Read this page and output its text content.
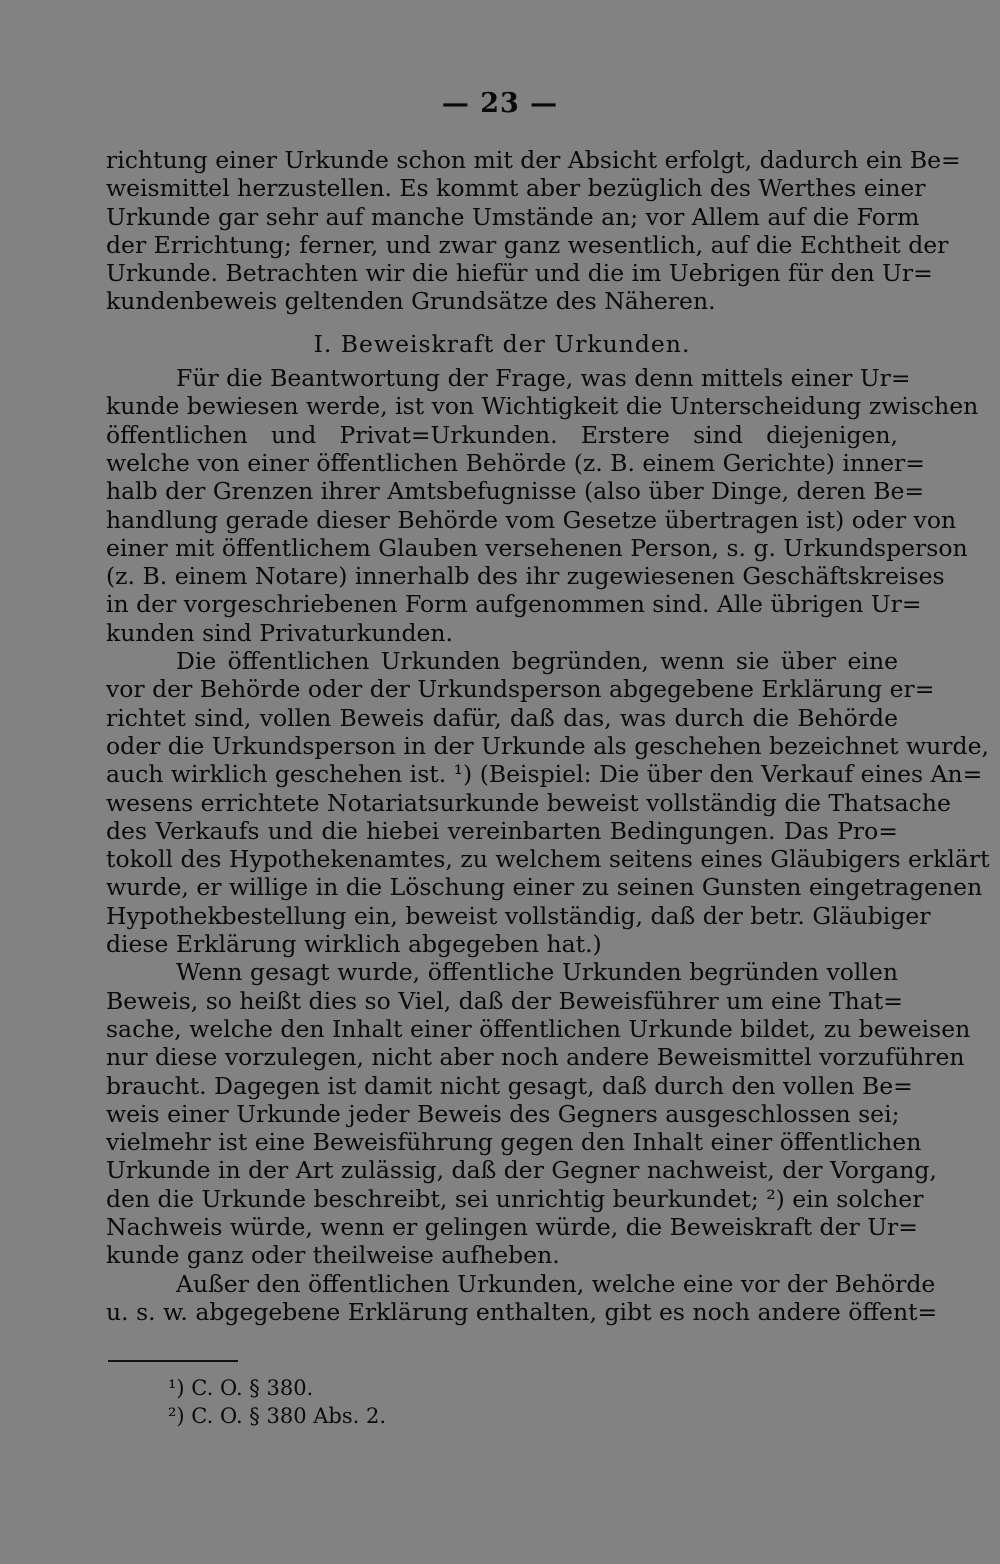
— 23 —
richtung einer Urkunde schon mit der Absicht erfolgt, dadurch ein Be=
weismittel herzustellen. Es kommt aber bezüglich des Werthes einer
Urkunde gar sehr auf manche Umstände an; vor Allem auf die Form
der Errichtung; ferner, und zwar ganz wesentlich, auf die Echtheit der
Urkunde. Betrachten wir die hiefür und die im Uebrigen für den Ur=
kundenbeweis geltenden Grundsätze des Näheren.
I. Beweiskraft der Urkunden.
Für die Beantwortung der Frage, was denn mittels einer Ur=
kunde bewiesen werde, ist von Wichtigkeit die Unterscheidung zwischen
öffentlichen und Privat=Urkunden. Erstere sind diejenigen,
welche von einer öffentlichen Behörde (z. B. einem Gerichte) inner=
halb der Grenzen ihrer Amtsbefugnisse (also über Dinge, deren Be=
handlung gerade dieser Behörde vom Gesetze übertragen ist) oder von
einer mit öffentlichem Glauben versehenen Person, s. g. Urkundsperson
(z. B. einem Notare) innerhalb des ihr zugewiesenen Geschäftskreises
in der vorgeschriebenen Form aufgenommen sind. Alle übrigen Ur=
kunden sind Privaturkunden.
Die öffentlichen Urkunden begründen, wenn sie über eine
vor der Behörde oder der Urkundsperson abgegebene Erklärung er=
richtet sind, vollen Beweis dafür, daß das, was durch die Behörde
oder die Urkundsperson in der Urkunde als geschehen bezeichnet wurde,
auch wirklich geschehen ist. ¹) (Beispiel: Die über den Verkauf eines An=
wesens errichtete Notariatsurkunde beweist vollständig die Thatsache
des Verkaufs und die hiebei vereinbarten Bedingungen. Das Pro=
tokoll des Hypothekenamtes, zu welchem seitens eines Gläubigers erklärt
wurde, er willige in die Löschung einer zu seinen Gunsten eingetragenen
Hypothekbestellung ein, beweist vollständig, daß der betr. Gläubiger
diese Erklärung wirklich abgegeben hat.)
Wenn gesagt wurde, öffentliche Urkunden begründen vollen
Beweis, so heißt dies so Viel, daß der Beweisführer um eine That=
sache, welche den Inhalt einer öffentlichen Urkunde bildet, zu beweisen
nur diese vorzulegen, nicht aber noch andere Beweismittel vorzuführen
braucht. Dagegen ist damit nicht gesagt, daß durch den vollen Be=
weis einer Urkunde jeder Beweis des Gegners ausgeschlossen sei;
vielmehr ist eine Beweisführung gegen den Inhalt einer öffentlichen
Urkunde in der Art zulässig, daß der Gegner nachweist, der Vorgang,
den die Urkunde beschreibt, sei unrichtig beurkundet; ²) ein solcher
Nachweis würde, wenn er gelingen würde, die Beweiskraft der Ur=
kunde ganz oder theilweise aufheben.
Außer den öffentlichen Urkunden, welche eine vor der Behörde
u. s. w. abgegebene Erklärung enthalten, gibt es noch andere öffent=
¹) C. O. § 380.
²) C. O. § 380 Abs. 2.
